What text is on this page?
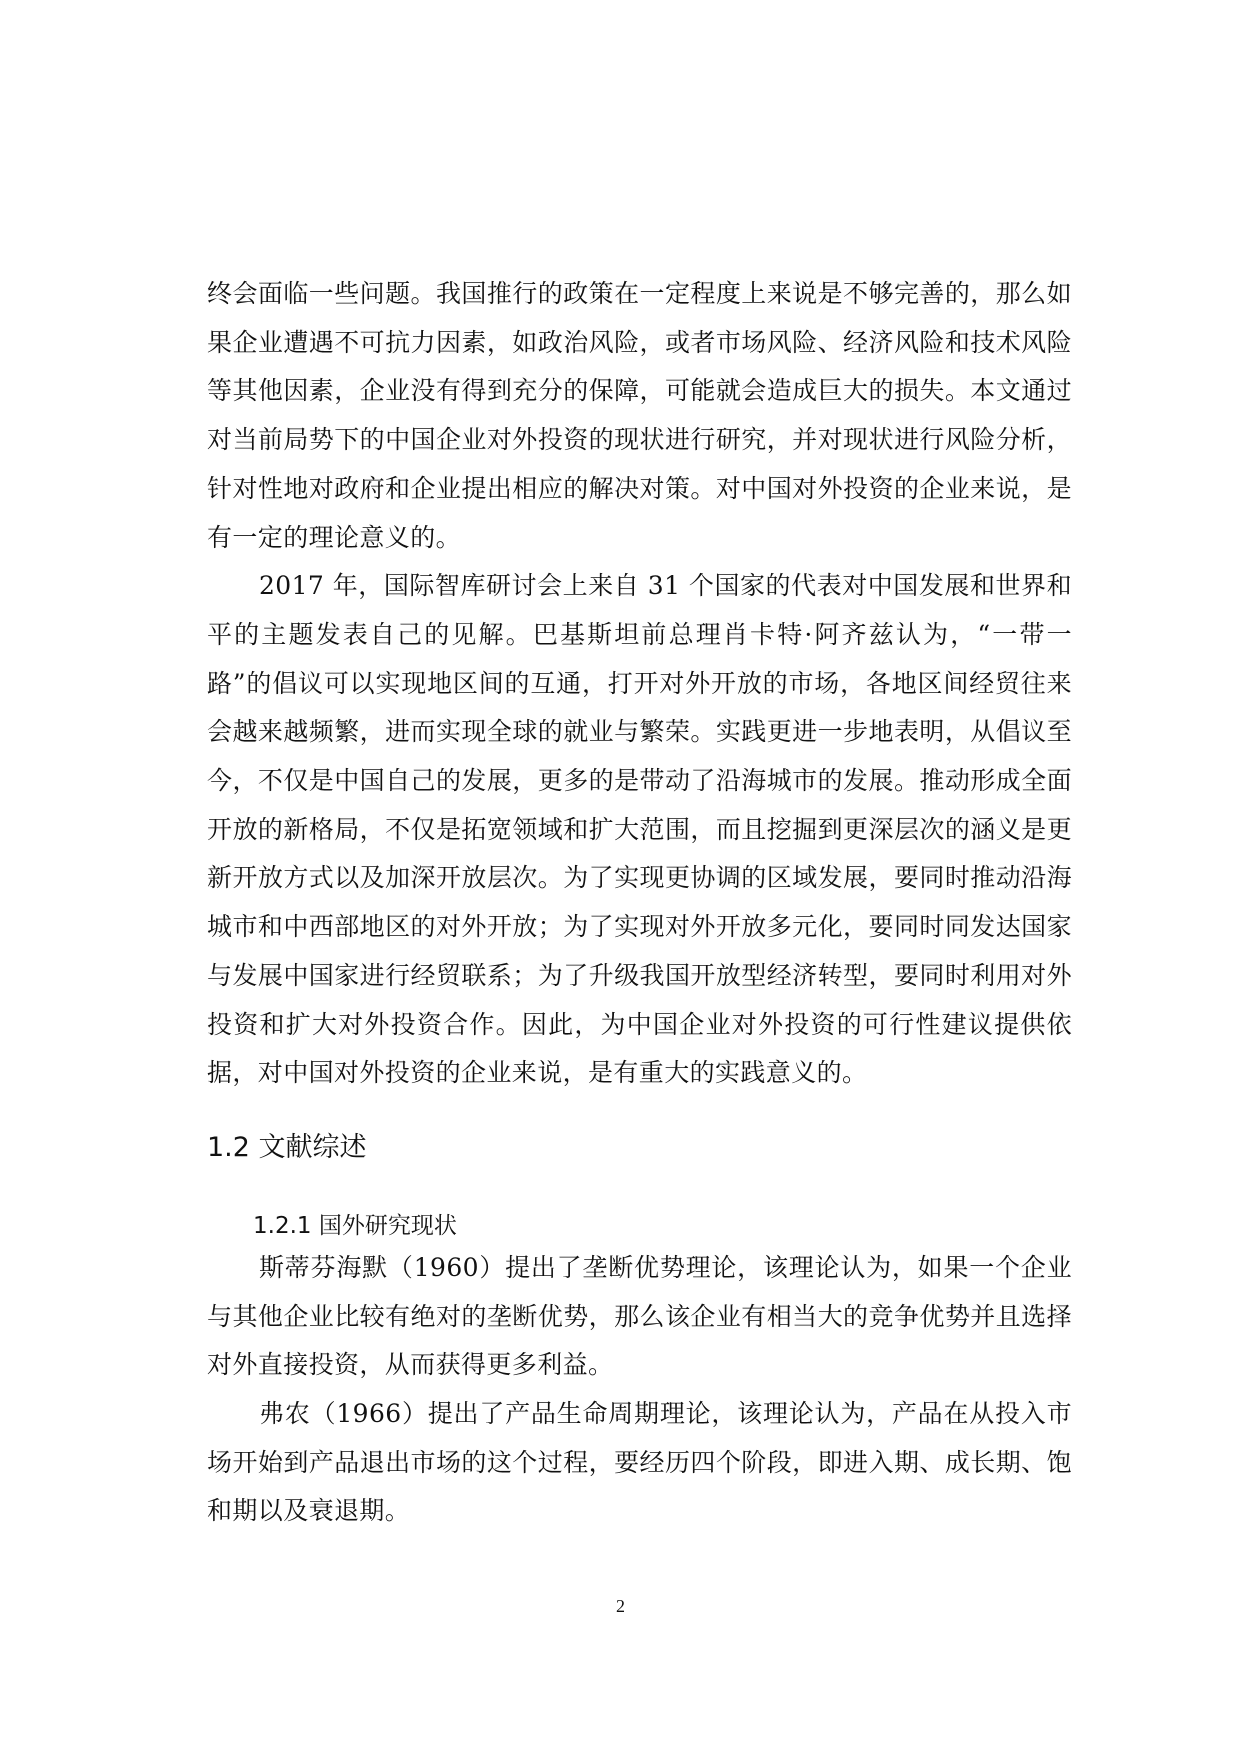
终会面临一些问题。我国推行的政策在一定程度上来说是不够完善的，那么如果企业遭遇不可抗力因素，如政治风险，或者市场风险、经济风险和技术风险等其他因素，企业没有得到充分的保障，可能就会造成巨大的损失。本文通过对当前局势下的中国企业对外投资的现状进行研究，并对现状进行风险分析，针对性地对政府和企业提出相应的解决对策。对中国对外投资的企业来说，是有一定的理论意义的。

2017 年，国际智库研讨会上来自 31 个国家的代表对中国发展和世界和平的主题发表自己的见解。巴基斯坦前总理肖卡特·阿齐兹认为，“一带一路”的倡议可以实现地区间的互通，打开对外开放的市场，各地区间经贸往来会越来越频繁，进而实现全球的就业与繁荣。实践更进一步地表明，从倡议至今，不仅是中国自己的发展，更多的是带动了沿海城市的发展。推动形成全面开放的新格局，不仅是拓宽领域和扩大范围，而且挖掘到更深层次的涵义是更新开放方式以及加深开放层次。为了实现更协调的区域发展，要同时推动沿海城市和中西部地区的对外开放；为了实现对外开放多元化，要同时同发达国家与发展中国家进行经贸联系；为了升级我国开放型经济转型，要同时利用对外投资和扩大对外投资合作。因此，为中国企业对外投资的可行性建议提供依据，对中国对外投资的企业来说，是有重大的实践意义的。

1.2 文献综述
1.2.1 国外研究现状

斯蒂芬海默（1960）提出了垄断优势理论，该理论认为，如果一个企业与其他企业比较有绝对的垄断优势，那么该企业有相当大的竞争优势并且选择对外直接投资，从而获得更多利益。

弗农（1966）提出了产品生命周期理论，该理论认为，产品在从投入市场开始到产品退出市场的这个过程，要经历四个阶段，即进入期、成长期、饱和期以及衰退期。

2
